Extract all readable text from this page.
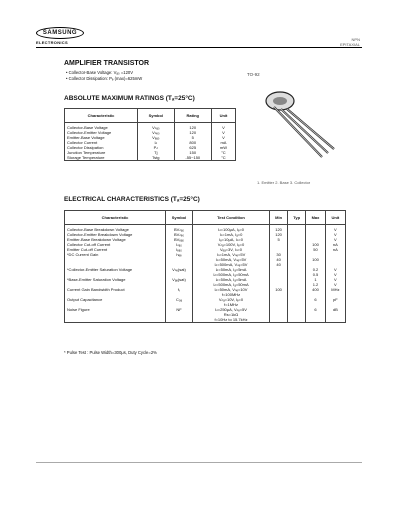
SAMSUNG
ELECTRONICS
NPN
EPITAXIAL
AMPLIFIER TRANSISTOR
• Collector-Base Voltage: Vₐ₀ =120V
• Collector Dissipation: Pₑ (max)=625mW
TO-92
ABSOLUTE MAXIMUM RATINGS (Tₐ=25°C)
Characteristic	Symbol	Rating	Unit
Collector-Base Voltage	Vₙₐ₀	120	V
Collector-Emitter Voltage	Vₙₑ₀	120	V
Emitter-Base Voltage	Vₑₐ₀	5	V
Collector Current	Iₙ	800	mA
Collector Dissipation	Pₙ	625	mW
Junction Temperature	Tj	150	°C
Storage Temperature	Tstg	-55~150	°C
1. Emitter 2. Base 3. Collector
ELECTRICAL CHARACTERISTICS (Tₐ=25°C)
Characteristic	Symbol	Test Condition	Min	Typ	Max	Unit
Collector-Base Breakdown Voltage	BVₙₐ₀	Iₙ=100μA, Iₑ=0	120			V
Collector-Emitter Breakdown Voltage	BVₙₑ₀	Iₙ=1mA, Iₐ=0	120			V
Emitter-Base Breakdown Voltage	BVₑₐ₀	Iₑ=10μA, Iₙ=0	5			V
Collector Cut-off Current	Iₙₐ₀	Vₙₐ=100V, Iₑ=0			100	nA
Emitter Cut-off Current	Iₑₐ₀	Vₑₐ=3V, Iₙ=0			50	nA
*DC Current Gain	hₑₑ	Iₙ=1mA, Vₙₑ=5V	30			
		Iₙ=50mA, Vₙₑ=5V	40		100	
		Iₙ=500mA, Vₙₑ=5V	40			
*Collector-Emitter Saturation Voltage	Vₙₑ(sat)	Iₙ=50mA, Iₐ=5mA			0.2	V
		Iₙ=500mA, Iₐ=50mA			0.5	V
*Base-Emitter Saturation Voltage	Vₐₑ(sat)	Iₙ=50mA, Iₐ=5mA			1	V
		Iₙ=500mA, Iₐ=50mA			1.2	V
Current Gain Bandwidth Product	fₜ	Iₙ=50mA, Vₙₑ=10V	100		400	MHz
		f=100MHz				
Output Capacitance	Cₒₐ	Vₙₐ=10V, Iₑ=0			6	pF
		f=1MHz				
Noise Figure	NF	Iₙ=250μA, Vₙₑ=5V			6	dB
		Rs=1kΩ				
		f=10Hz to 15.7kHz				
* Pulse Test : Pulse Width=300μs, Duty Cycle=2%
